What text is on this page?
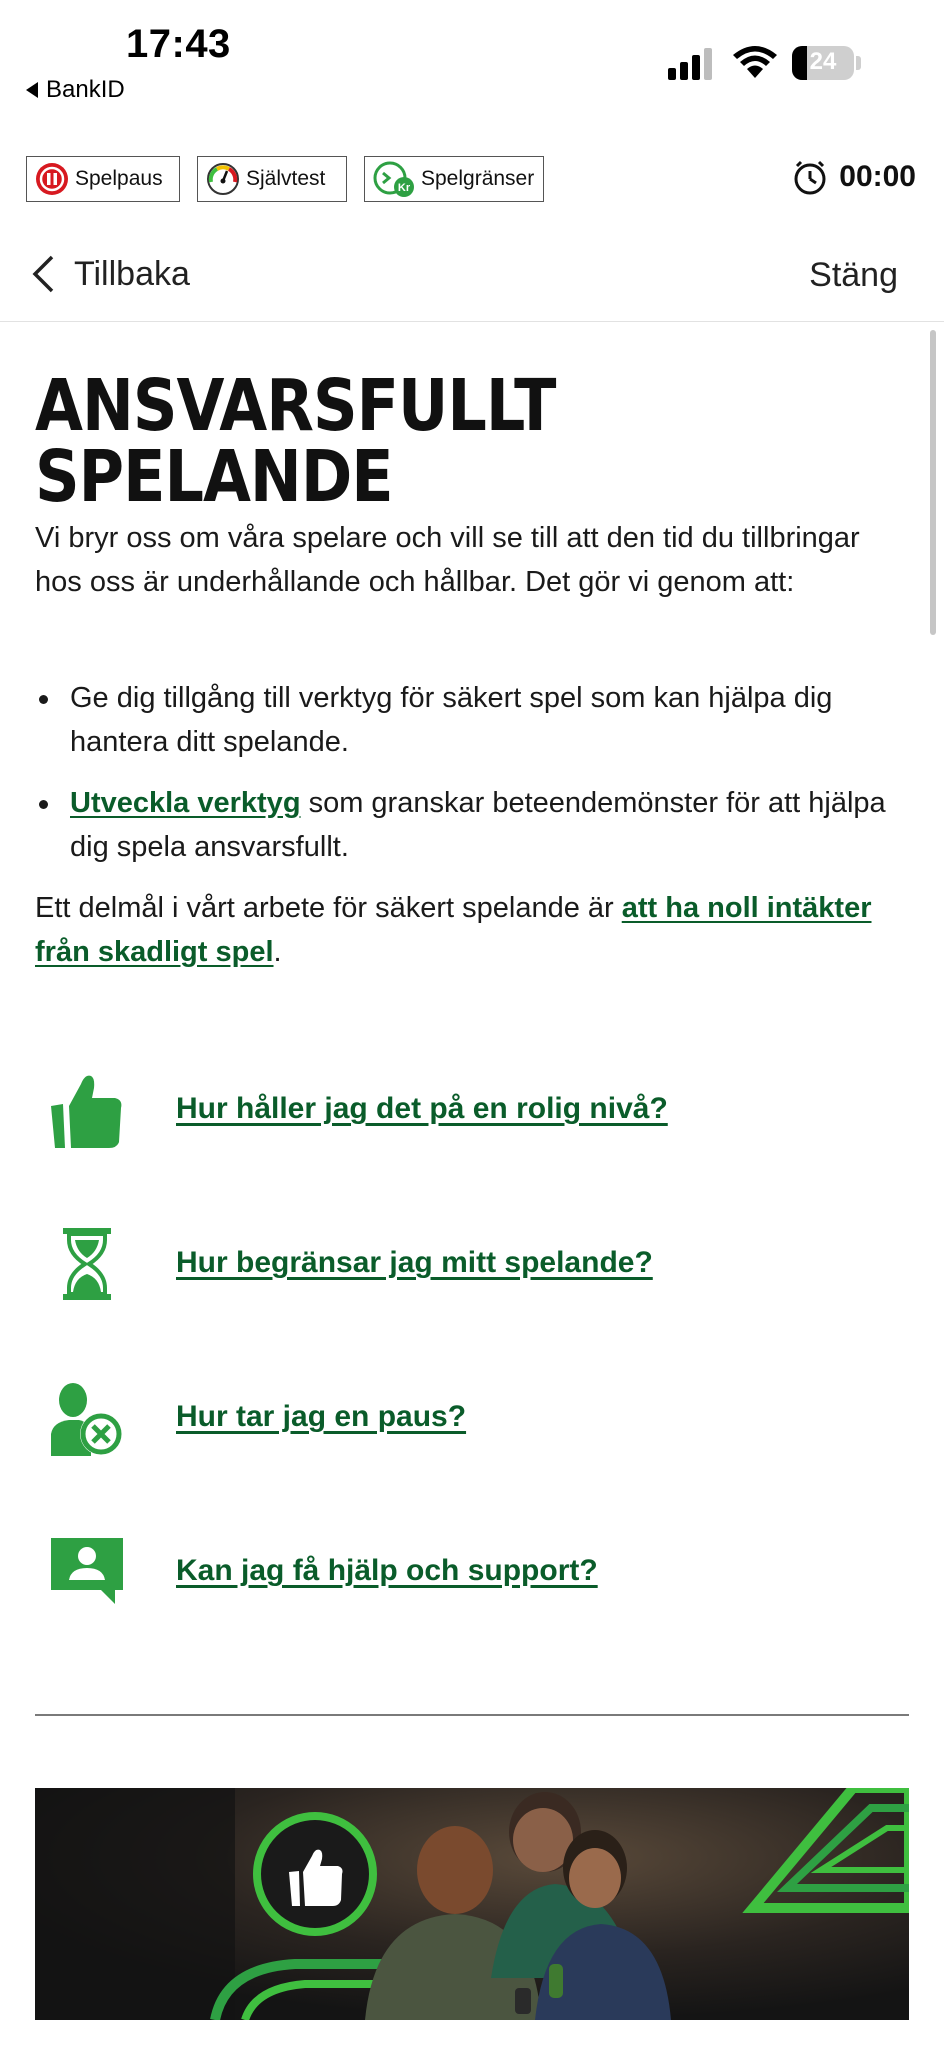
17:43
BankID
24
Spelpaus	Självtest	Kr Spelgränser	00:00
Tillbaka	Stäng
ANSVARSFULLT SPELANDE

Vi bryr oss om våra spelare och vill se till att den tid du tillbringar hos oss är underhållande och hållbar. Det gör vi genom att:

Ge dig tillgång till verktyg för säkert spel som kan hjälpa dig hantera ditt spelande.
Utveckla verktyg som granskar beteendemönster för att hjälpa dig spela ansvarsfullt.

Ett delmål i vårt arbete för säkert spelande är att ha noll intäkter från skadligt spel.

Hur håller jag det på en rolig nivå?
Hur begränsar jag mitt spelande?
Hur tar jag en paus?
Kan jag få hjälp och support?
